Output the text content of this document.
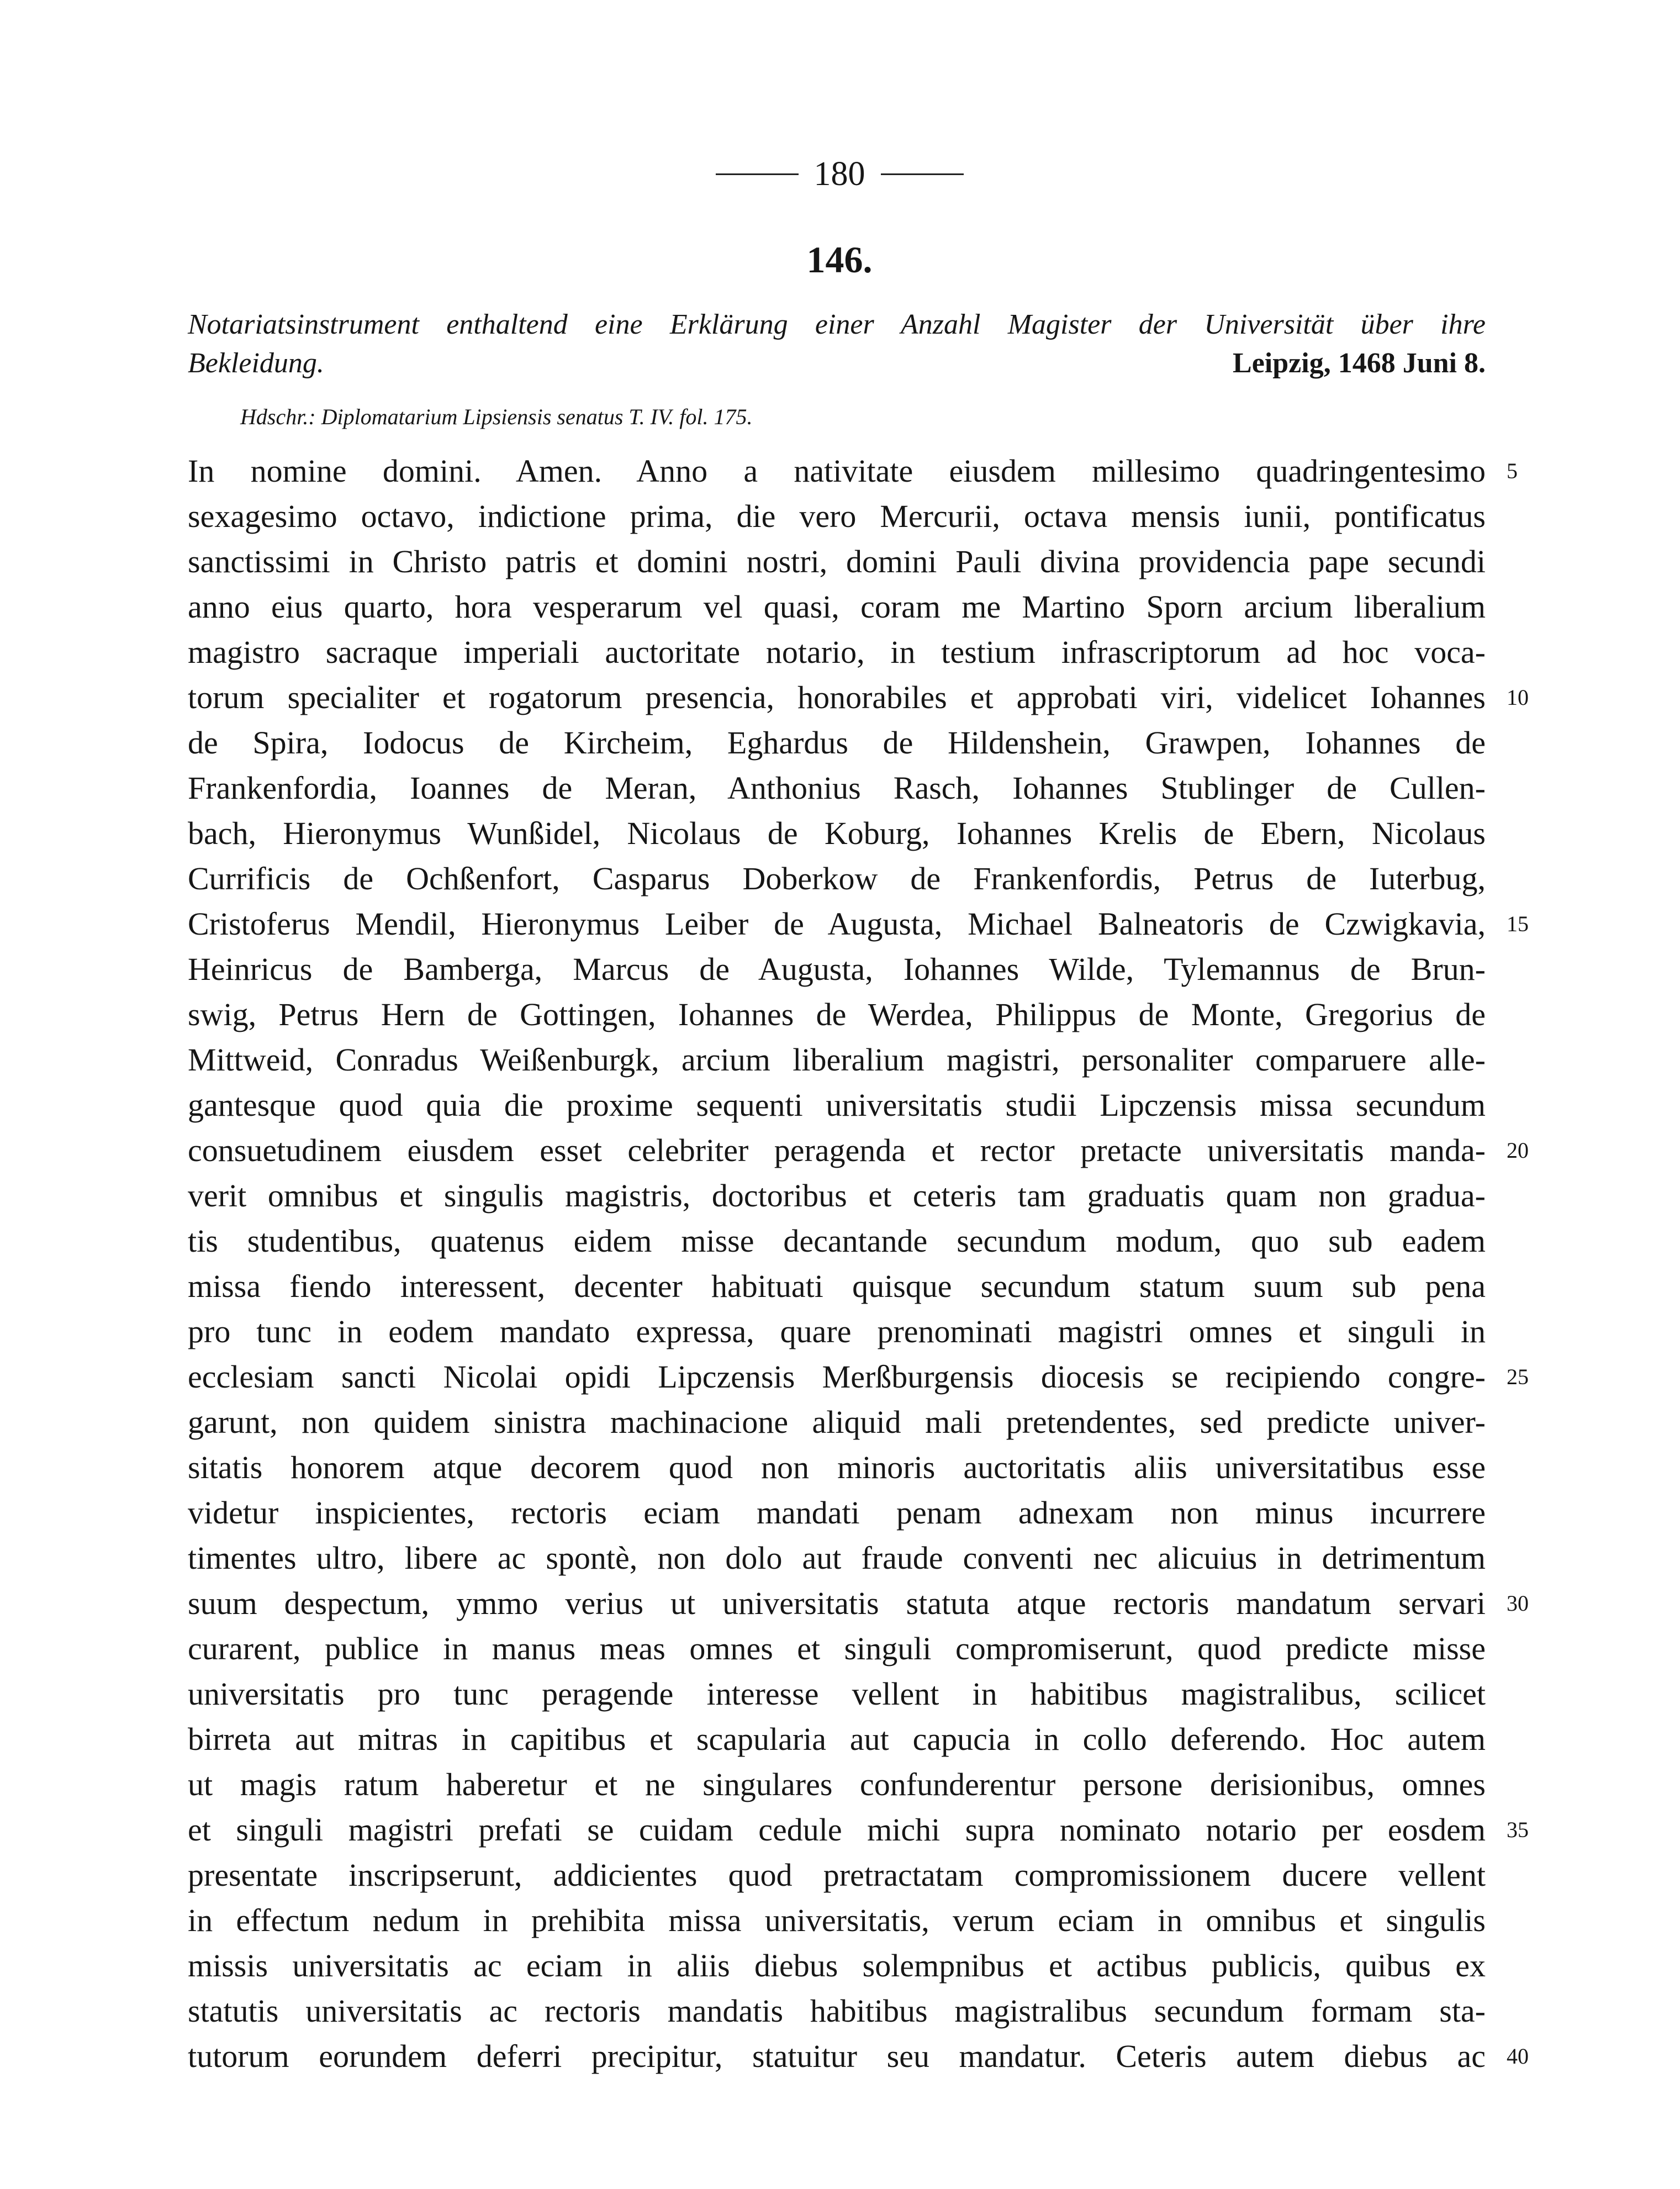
180
146.
Notariatsinstrument enthaltend eine Erklärung einer Anzahl Magister der Universität über ihre
Bekleidung.	Leipzig, 1468 Juni 8.
Hdschr.: Diplomatarium Lipsiensis senatus T. IV. fol. 175.
In nomine domini. Amen. Anno a nativitate eiusdem millesimo quadringentesimo 5
sexagesimo octavo, indictione prima, die vero Mercurii, octava mensis iunii, pontificatus
sanctissimi in Christo patris et domini nostri, domini Pauli divina providencia pape secundi
anno eius quarto, hora vesperarum vel quasi, coram me Martino Sporn arcium liberalium
magistro sacraque imperiali auctoritate notario, in testium infrascriptorum ad hoc voca-
torum specialiter et rogatorum presencia, honorabiles et approbati viri, videlicet Iohannes 10
de Spira, Iodocus de Kircheim, Eghardus de Hildenshein, Grawpen, Iohannes de
Frankenfordia, Ioannes de Meran, Anthonius Rasch, Iohannes Stublinger de Cullen-
bach, Hieronymus Wunßidel, Nicolaus de Koburg, Iohannes Krelis de Ebern, Nicolaus
Currificis de Ochßenfort, Casparus Doberkow de Frankenfordis, Petrus de Iuterbug,
Cristoferus Mendil, Hieronymus Leiber de Augusta, Michael Balneatoris de Czwigkavia, 15
Heinricus de Bamberga, Marcus de Augusta, Iohannes Wilde, Tylemannus de Brun-
swig, Petrus Hern de Gottingen, Iohannes de Werdea, Philippus de Monte, Gregorius de
Mittweid, Conradus Weißenburgk, arcium liberalium magistri, personaliter comparuere alle-
gantesque quod quia die proxime sequenti universitatis studii Lipczensis missa secundum
consuetudinem eiusdem esset celebriter peragenda et rector pretacte universitatis manda- 20
verit omnibus et singulis magistris, doctoribus et ceteris tam graduatis quam non gradua-
tis studentibus, quatenus eidem misse decantande secundum modum, quo sub eadem
missa fiendo interessent, decenter habituati quisque secundum statum suum sub pena
pro tunc in eodem mandato expressa, quare prenominati magistri omnes et singuli in
ecclesiam sancti Nicolai opidi Lipczensis Merßburgensis diocesis se recipiendo congre- 25
garunt, non quidem sinistra machinacione aliquid mali pretendentes, sed predicte univer-
sitatis honorem atque decorem quod non minoris auctoritatis aliis universitatibus esse
videtur inspicientes, rectoris eciam mandati penam adnexam non minus incurrere
timentes ultro, libere ac spontè, non dolo aut fraude conventi nec alicuius in detrimentum
suum despectum, ymmo verius ut universitatis statuta atque rectoris mandatum servari 30
curarent, publice in manus meas omnes et singuli compromiserunt, quod predicte misse
universitatis pro tunc peragende interesse vellent in habitibus magistralibus, scilicet
birreta aut mitras in capitibus et scapularia aut capucia in collo deferendo. Hoc autem
ut magis ratum haberetur et ne singulares confunderentur persone derisionibus, omnes
et singuli magistri prefati se cuidam cedule michi supra nominato notario per eosdem 35
presentate inscripserunt, addicientes quod pretractatam compromissionem ducere vellent
in effectum nedum in prehibita missa universitatis, verum eciam in omnibus et singulis
missis universitatis ac eciam in aliis diebus solempnibus et actibus publicis, quibus ex
statutis universitatis ac rectoris mandatis habitibus magistralibus secundum formam sta-
tutorum eorundem deferri precipitur, statuitur seu mandatur. Ceteris autem diebus ac 40
